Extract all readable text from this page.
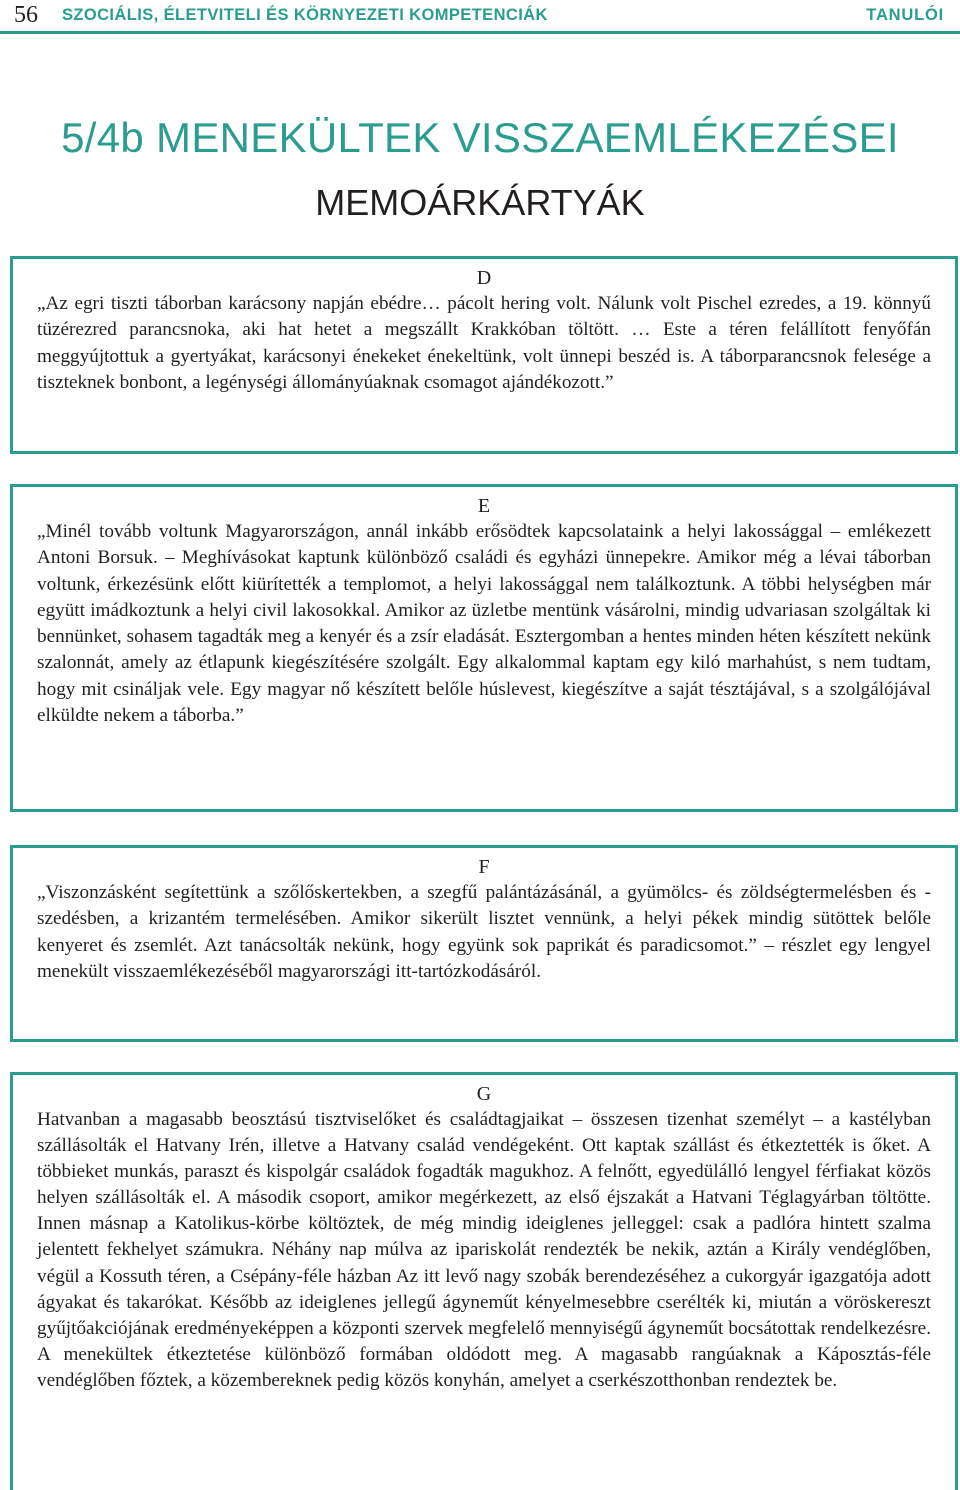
56 SZOCIÁLIS, ÉLETVITELI ÉS KÖRNYEZETI KOMPETENCIÁK	TANULÓI
5/4b MENEKÜLTEK VISSZAEMLÉKEZÉSEI
MEMOÁRKÁRTYÁK
D

„Az egri tiszti táborban karácsony napján ebédre… pácolt hering volt. Nálunk volt Pischel ezredes, a 19. könnyű tüzérezred parancsnoka, aki hat hetet a megszállt Krakkóban töltött. … Este a téren felállított fenyőfán meggyújtottuk a gyertyákat, karácsonyi énekeket énekeltünk, volt ünnepi beszéd is. A táborparancsnok felesége a tiszteknek bonbont, a legénységi állományúaknak csomagot ajándékozott.”

E

„Minél tovább voltunk Magyarországon, annál inkább erősödtek kapcsolataink a helyi lakossággal – emlékezett Antoni Borsuk. – Meghívásokat kaptunk különböző családi és egyházi ünnepekre. Amikor még a lévai táborban voltunk, érkezésünk előtt kiürítették a templomot, a helyi lakossággal nem találkoztunk. A többi helységben már együtt imádkoztunk a helyi civil lakosokkal. Amikor az üzletbe mentünk vásárolni, mindig udvariasan szolgáltak ki bennünket, sohasem tagadták meg a kenyér és a zsír eladását. Esztergomban a hentes minden héten készített nekünk szalonnát, amely az étlapunk kiegészítésére szolgált. Egy alkalommal kaptam egy kiló marhahúst, s nem tudtam, hogy mit csináljak vele. Egy magyar nő készített belőle húslevest, kiegészítve a saját tésztájával, s a szolgálójával elküldte nekem a táborba.”

F

„Viszonzásként segítettünk a szőlőskertekben, a szegfű palántázásánál, a gyümölcs- és zöldségtermelésben és -szedésben, a krizantém termelésében. Amikor sikerült lisztet vennünk, a helyi pékek mindig sütöttek belőle kenyeret és zsemlét. Azt tanácsolták nekünk, hogy együnk sok paprikát és paradicsomot.” – részlet egy lengyel menekült visszaemlékezéséből magyarországi itt-tartózkodásáról.

G

Hatvanban a magasabb beosztású tisztviselőket és családtagjaikat – összesen tizenhat személyt – a kastélyban szállásolták el Hatvany Irén, illetve a Hatvany család vendégeként. Ott kaptak szállást és étkeztették is őket. A többieket munkás, paraszt és kispolgár családok fogadták magukhoz. A felnőtt, egyedülálló lengyel férfiakat közös helyen szállásolták el. A második csoport, amikor megérkezett, az első éjszakát a Hatvani Téglagyárban töltötte. Innen másnap a Katolikus-körbe költöztek, de még mindig ideiglenes jelleggel: csak a padlóra hintett szalma jelentett fekhelyet számukra. Néhány nap múlva az ipariskolát rendezték be nekik, aztán a Király vendéglőben, végül a Kossuth téren, a Csépány-féle házban Az itt levő nagy szobák berendezéséhez a cukorgyár igazgatója adott ágyakat és takarókat. Később az ideiglenes jellegű ágyneműt kényelmesebbre cserélték ki, miután a vöröskereszt gyűjtőakciójának eredményeképpen a központi szervek megfelelő mennyiségű ágyneműt bocsátottak rendelkezésre. A menekültek étkeztetése különböző formában oldódott meg. A magasabb rangúaknak a Káposztás-féle vendéglőben főztek, a közembereknek pedig közös konyhán, amelyet a cserkészotthonban rendeztek be.
